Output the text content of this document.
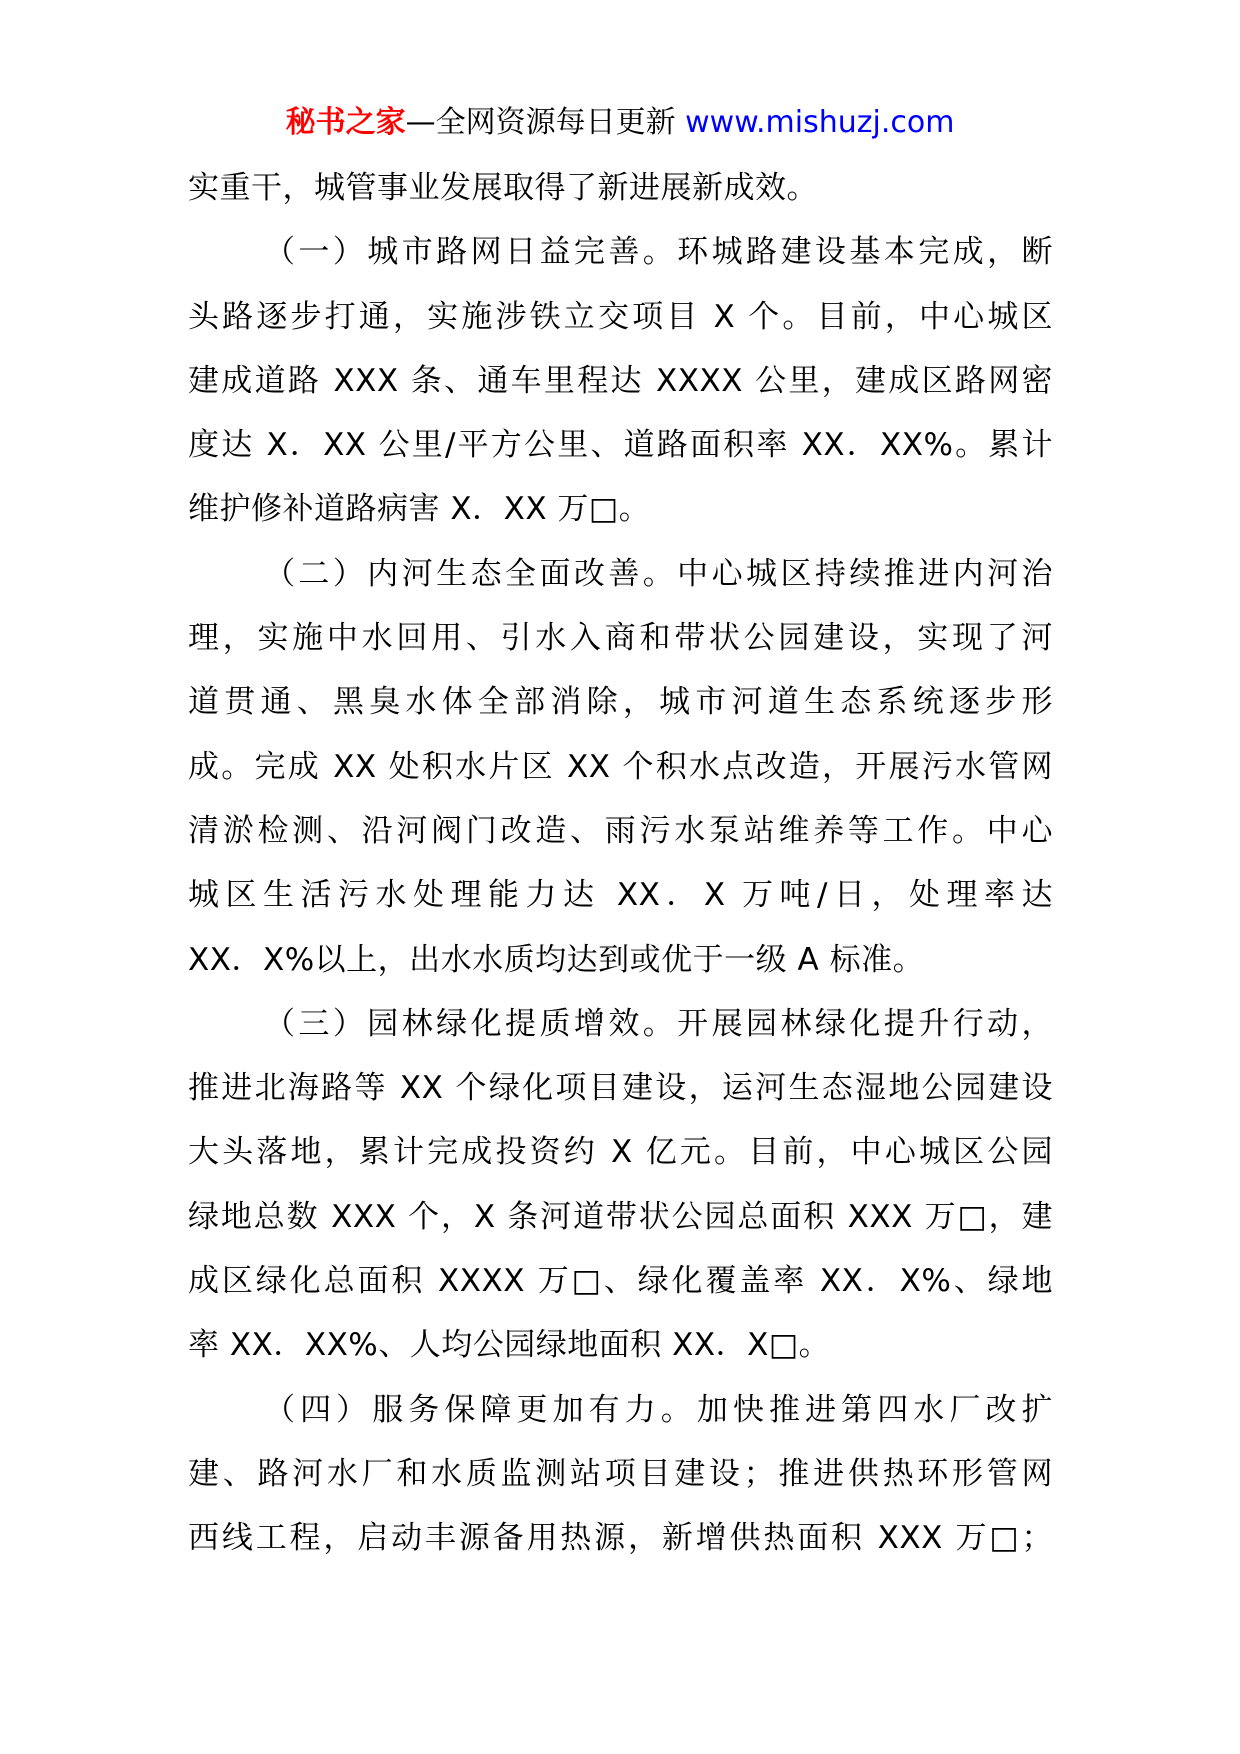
秘书之家—全网资源每日更新 www.mishuzj.com
实重干，城管事业发展取得了新进展新成效。
（一）城市路网日益完善。环城路建设基本完成，断
头路逐步打通，实施涉铁立交项目 X 个。目前，中心城区
建成道路 XXX 条、通车里程达 XXXX 公里，建成区路网密
度达 X．XX 公里/平方公里、道路面积率 XX．XX%。累计
维护修补道路病害 X．XX 万□。
（二）内河生态全面改善。中心城区持续推进内河治
理，实施中水回用、引水入商和带状公园建设，实现了河
道贯通、黑臭水体全部消除，城市河道生态系统逐步形
成。完成 XX 处积水片区 XX 个积水点改造，开展污水管网
清淤检测、沿河阀门改造、雨污水泵站维养等工作。中心
城区生活污水处理能力达 XX．X 万吨/日，处理率达
XX．X%以上，出水水质均达到或优于一级 A 标准。
（三）园林绿化提质增效。开展园林绿化提升行动，
推进北海路等 XX 个绿化项目建设，运河生态湿地公园建设
大头落地，累计完成投资约 X 亿元。目前，中心城区公园
绿地总数 XXX 个，X 条河道带状公园总面积 XXX 万□，建
成区绿化总面积 XXXX 万□、绿化覆盖率 XX．X%、绿地
率 XX．XX%、人均公园绿地面积 XX．X□。
（四）服务保障更加有力。加快推进第四水厂改扩
建、路河水厂和水质监测站项目建设；推进供热环形管网
西线工程，启动丰源备用热源，新增供热面积 XXX 万□；
